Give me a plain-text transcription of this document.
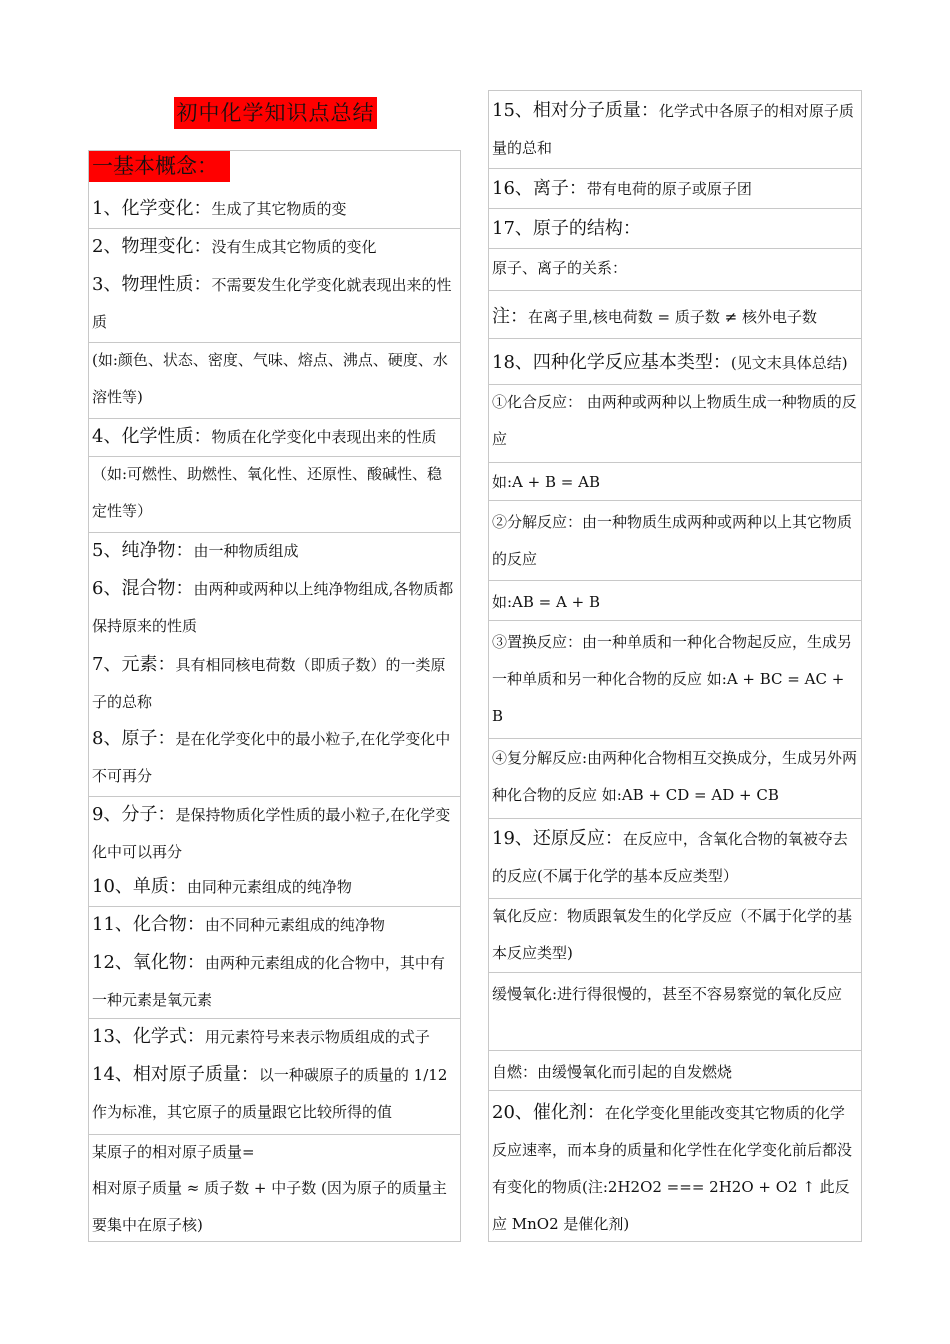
初中化学知识点总结
一基本概念：
1、化学变化：生成了其它物质的变
2、物理变化：没有生成其它物质的变化
3、物理性质：不需要发生化学变化就表现出来的性质
(如:颜色、状态、密度、气味、熔点、沸点、硬度、水溶性等)
4、化学性质：物质在化学变化中表现出来的性质
（如:可燃性、助燃性、氧化性、还原性、酸碱性、稳定性等）
5、纯净物：由一种物质组成
6、混合物：由两种或两种以上纯净物组成,各物质都保持原来的性质
7、元素：具有相同核电荷数（即质子数）的一类原子的总称
8、原子：是在化学变化中的最小粒子,在化学变化中不可再分
9、分子：是保持物质化学性质的最小粒子,在化学变化中可以再分
10、单质：由同种元素组成的纯净物
11、化合物：由不同种元素组成的纯净物
12、氧化物：由两种元素组成的化合物中，其中有一种元素是氧元素
13、化学式：用元素符号来表示物质组成的式子
14、相对原子质量：以一种碳原子的质量的 1/12 作为标准，其它原子的质量跟它比较所得的值
某原子的相对原子质量=
相对原子质量 ≈ 质子数 + 中子数 (因为原子的质量主要集中在原子核)
15、相对分子质量：化学式中各原子的相对原子质量的总和
16、离子：带有电荷的原子或原子团
17、原子的结构：
原子、离子的关系：
注：在离子里,核电荷数 = 质子数 ≠ 核外电子数
18、四种化学反应基本类型：(见文末具体总结)
①化合反应： 由两种或两种以上物质生成一种物质的反应
如:A + B = AB
②分解反应：由一种物质生成两种或两种以上其它物质的反应
如:AB = A + B
③置换反应：由一种单质和一种化合物起反应，生成另一种单质和另一种化合物的反应 如:A + BC = AC + B
④复分解反应:由两种化合物相互交换成分，生成另外两种化合物的反应 如:AB + CD = AD + CB
19、还原反应：在反应中，含氧化合物的氧被夺去的反应(不属于化学的基本反应类型）
氧化反应：物质跟氧发生的化学反应（不属于化学的基本反应类型)
缓慢氧化:进行得很慢的，甚至不容易察觉的氧化反应
自燃：由缓慢氧化而引起的自发燃烧
20、催化剂：在化学变化里能改变其它物质的化学反应速率，而本身的质量和化学性在化学变化前后都没有变化的物质(注:2H2O2 === 2H2O + O2 ↑ 此反应 MnO2 是催化剂)
